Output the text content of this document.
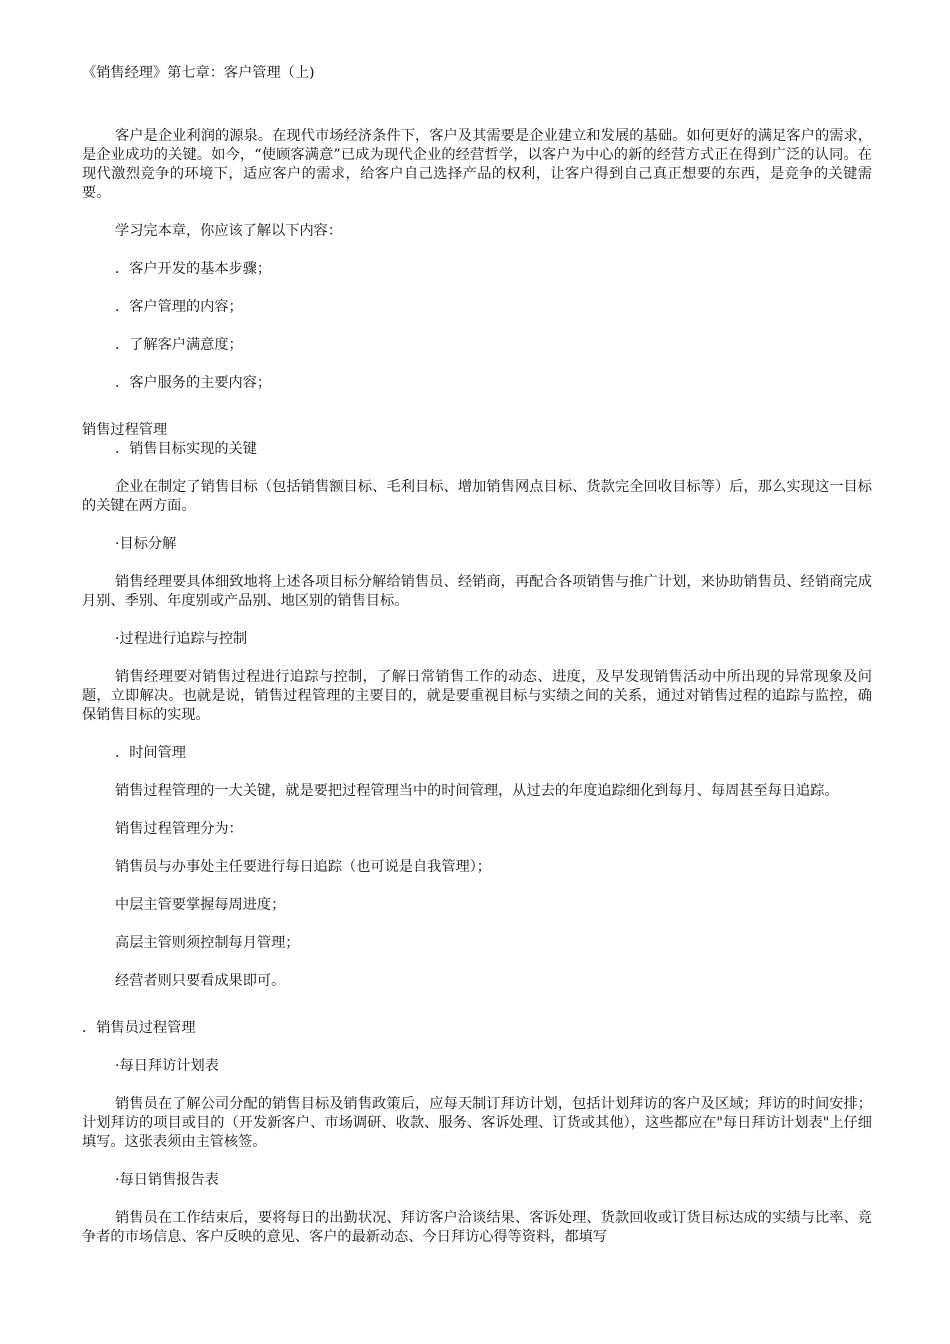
《销售经理》第七章：客户管理（上)

客户是企业利润的源泉。在现代市场经济条件下，客户及其需要是企业建立和发展的基础。如何更好的满足客户的需求，是企业成功的关键。如今，“使顾客满意”已成为现代企业的经营哲学，以客户为中心的新的经营方式正在得到广泛的认同。在现代激烈竞争的环境下，适应客户的需求，给客户自己选择产品的权利，让客户得到自己真正想要的东西，是竞争的关键需要。

学习完本章，你应该了解以下内容：

．客户开发的基本步骤；

．客户管理的内容；

．了解客户满意度；

．客户服务的主要内容；

销售过程管理

．销售目标实现的关键

企业在制定了销售目标（包括销售额目标、毛利目标、增加销售网点目标、货款完全回收目标等）后，那么实现这一目标的关键在两方面。

·目标分解

销售经理要具体细致地将上述各项目标分解给销售员、经销商，再配合各项销售与推广计划，来协助销售员、经销商完成月别、季别、年度别或产品别、地区别的销售目标。

·过程进行追踪与控制

销售经理要对销售过程进行追踪与控制，了解日常销售工作的动态、进度，及早发现销售活动中所出现的异常现象及问题，立即解决。也就是说，销售过程管理的主要目的，就是要重视目标与实绩之间的关系，通过对销售过程的追踪与监控，确保销售目标的实现。

．时间管理

销售过程管理的一大关键，就是要把过程管理当中的时间管理，从过去的年度追踪细化到每月、每周甚至每日追踪。

销售过程管理分为：

销售员与办事处主任要进行每日追踪（也可说是自我管理）；

中层主管要掌握每周进度；

高层主管则须控制每月管理；

经营者则只要看成果即可。

．销售员过程管理

·每日拜访计划表

销售员在了解公司分配的销售目标及销售政策后，应每天制订拜访计划，包括计划拜访的客户及区域；拜访的时间安排；计划拜访的项目或目的（开发新客户、市场调研、收款、服务、客诉处理、订货或其他），这些都应在"每日拜访计划表"上仔细填写。这张表须由主管核签。

·每日销售报告表

销售员在工作结束后，要将每日的出勤状况、拜访客户洽谈结果、客诉处理、货款回收或订货目标达成的实绩与比率、竞争者的市场信息、客户反映的意见、客户的最新动态、今日拜访心得等资料，都填写
